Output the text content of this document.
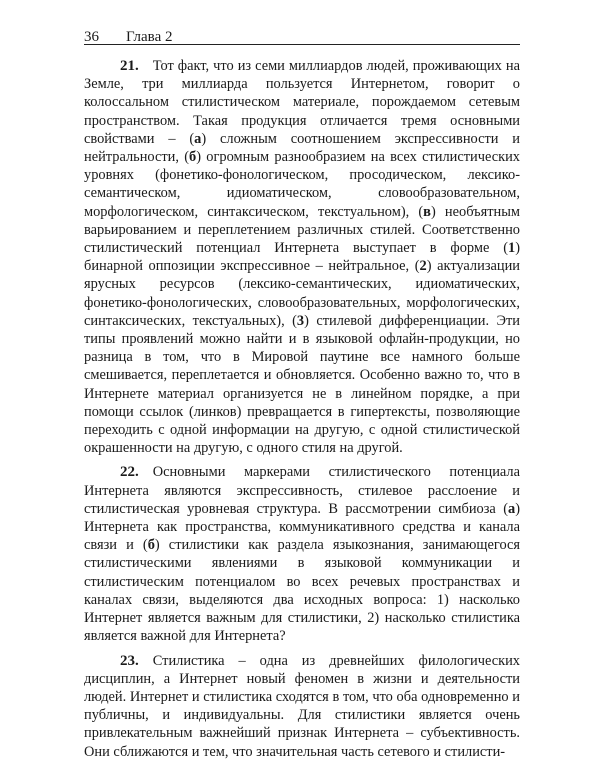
36 Глава 2

21. Тот факт, что из семи миллиардов людей, проживающих на Земле, три миллиарда пользуется Интернетом, говорит о колоссальном стилистическом материале, порождаемом сетевым пространством. Такая продукция отличается тремя основными свойствами – (а) сложным соотношением экспрессивности и нейтральности, (б) огромным разнообразием на всех стилистических уровнях (фонетико-фонологическом, просодическом, лексико-семантическом, идиоматическом, словообразовательном, морфологическом, синтаксическом, текстуальном), (в) необъятным варьированием и переплетением различных стилей. Соответственно стилистический потенциал Интернета выступает в форме (1) бинарной оппозиции экспрессивное – нейтральное, (2) актуализации ярусных ресурсов (лексико-семантических, идиоматических, фонетико-фонологических, словообразовательных, морфологических, синтаксических, текстуальных), (3) стилевой дифференциации. Эти типы проявлений можно найти и в языковой офлайн-продукции, но разница в том, что в Мировой паутине все намного больше смешивается, переплетается и обновляется. Особенно важно то, что в Интернете материал организуется не в линейном порядке, а при помощи ссылок (линков) превращается в гипертексты, позволяющие переходить с одной информации на другую, с одной стилистической окрашенности на другую, с одного стиля на другой.

22. Основными маркерами стилистического потенциала Интернета являются экспрессивность, стилевое расслоение и стилистическая уровневая структура. В рассмотрении симбиоза (а) Интернета как пространства, коммуникативного средства и канала связи и (б) стилистики как раздела языкознания, занимающегося стилистическими явлениями в языковой коммуникации и стилистическим потенциалом во всех речевых пространствах и каналах связи, выделяются два исходных вопроса: 1) насколько Интернет является важным для стилистики, 2) насколько стилистика является важной для Интернета?

23. Стилистика – одна из древнейших филологических дисциплин, а Интернет новый феномен в жизни и деятельности людей. Интернет и стилистика сходятся в том, что оба одновременно и публичны, и индивидуальны. Для стилистики является очень привлекательным важнейший признак Интернета – субъективность. Они сближаются и тем, что значительная часть сетевого и стилисти-
